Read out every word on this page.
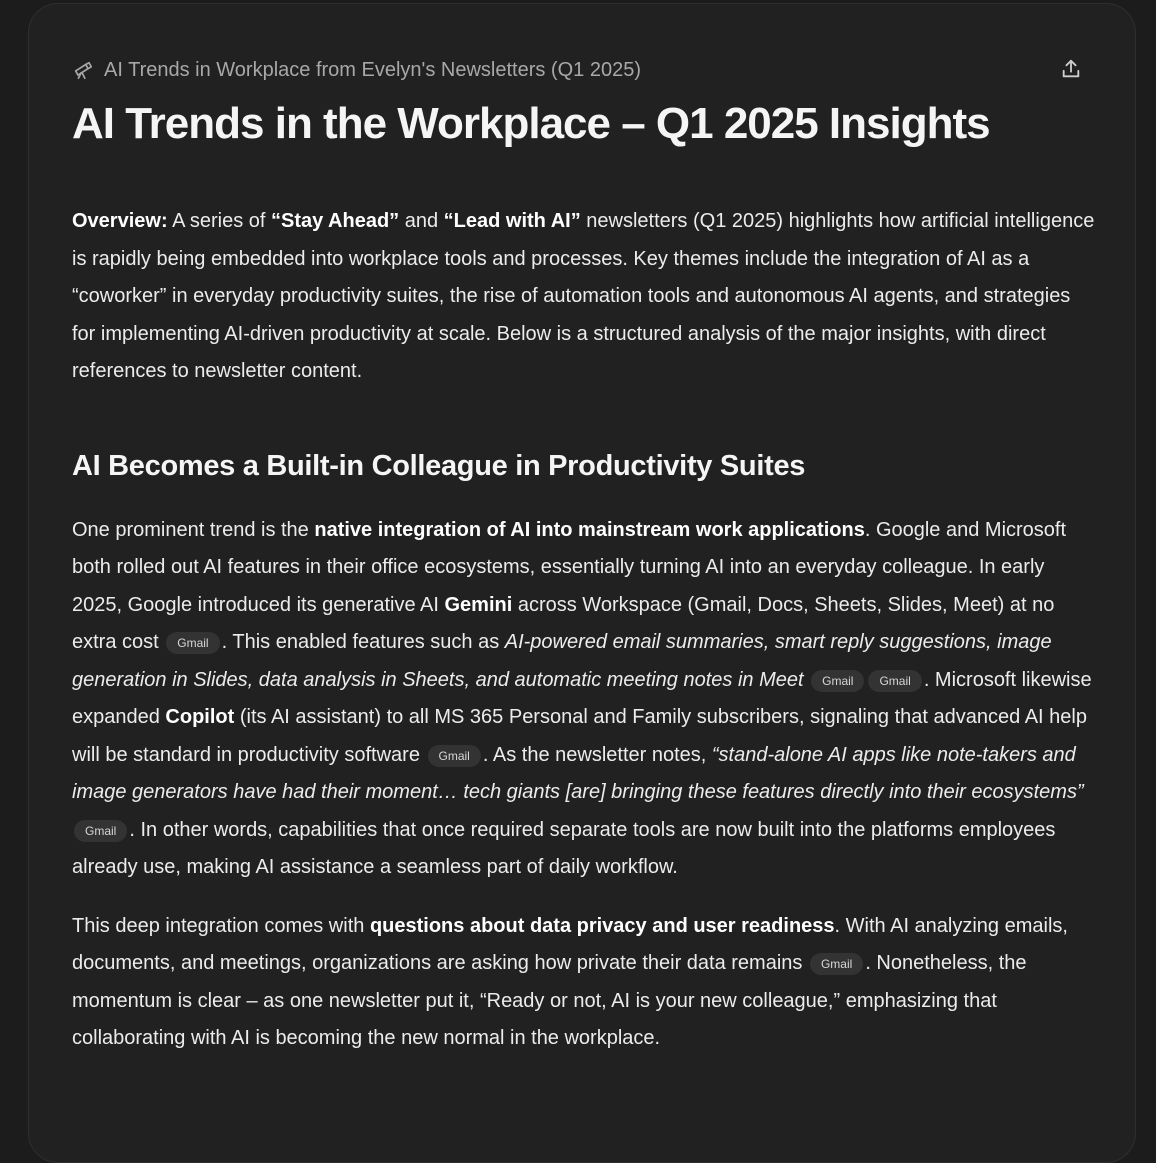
AI Trends in Workplace from Evelyn's Newsletters (Q1 2025)
AI Trends in the Workplace – Q1 2025 Insights

Overview: A series of “Stay Ahead” and “Lead with AI” newsletters (Q1 2025) highlights how artificial intelligence is rapidly being embedded into workplace tools and processes. Key themes include the integration of AI as a “coworker” in everyday productivity suites, the rise of automation tools and autonomous AI agents, and strategies for implementing AI-driven productivity at scale. Below is a structured analysis of the major insights, with direct references to newsletter content.

AI Becomes a Built-in Colleague in Productivity Suites

One prominent trend is the native integration of AI into mainstream work applications. Google and Microsoft both rolled out AI features in their office ecosystems, essentially turning AI into an everyday colleague. In early 2025, Google introduced its generative AI Gemini across Workspace (Gmail, Docs, Sheets, Slides, Meet) at no extra cost Gmail . This enabled features such as AI-powered email summaries, smart reply suggestions, image generation in Slides, data analysis in Sheets, and automatic meeting notes in Meet Gmail Gmail . Microsoft likewise expanded Copilot (its AI assistant) to all MS 365 Personal and Family subscribers, signaling that advanced AI help will be standard in productivity software Gmail . As the newsletter notes, “stand-alone AI apps like note-takers and image generators have had their moment… tech giants [are] bringing these features directly into their ecosystems” Gmail . In other words, capabilities that once required separate tools are now built into the platforms employees already use, making AI assistance a seamless part of daily workflow.

This deep integration comes with questions about data privacy and user readiness. With AI analyzing emails, documents, and meetings, organizations are asking how private their data remains Gmail . Nonetheless, the momentum is clear – as one newsletter put it, “Ready or not, AI is your new colleague,” emphasizing that collaborating with AI is becoming the new normal in the workplace.
